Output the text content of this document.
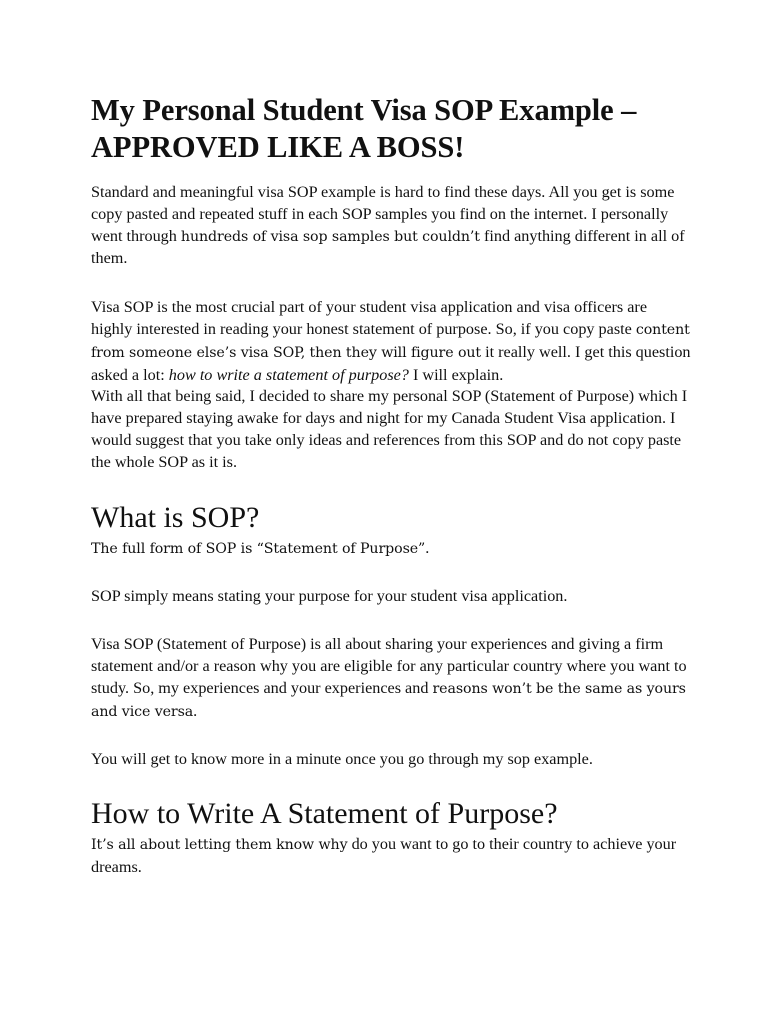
My Personal Student Visa SOP Example –
APPROVED LIKE A BOSS!

Standard and meaningful visa SOP example is hard to find these days. All you get is some copy pasted and repeated stuff in each SOP samples you find on the internet. I personally went through hundreds of visa sop samples but couldn’t find anything different in all of them.

Visa SOP is the most crucial part of your student visa application and visa officers are highly interested in reading your honest statement of purpose. So, if you copy paste content from someone else’s visa SOP, then they will figure out it really well. I get this question asked a lot: how to write a statement of purpose? I will explain.

With all that being said, I decided to share my personal SOP (Statement of Purpose) which I have prepared staying awake for days and night for my Canada Student Visa application. I would suggest that you take only ideas and references from this SOP and do not copy paste the whole SOP as it is.

What is SOP?

The full form of SOP is “Statement of Purpose”.

SOP simply means stating your purpose for your student visa application.

Visa SOP (Statement of Purpose) is all about sharing your experiences and giving a firm statement and/or a reason why you are eligible for any particular country where you want to study. So, my experiences and your experiences and reasons won’t be the same as yours and vice versa.

You will get to know more in a minute once you go through my sop example.

How to Write A Statement of Purpose?

It’s all about letting them know why do you want to go to their country to achieve your dreams.
